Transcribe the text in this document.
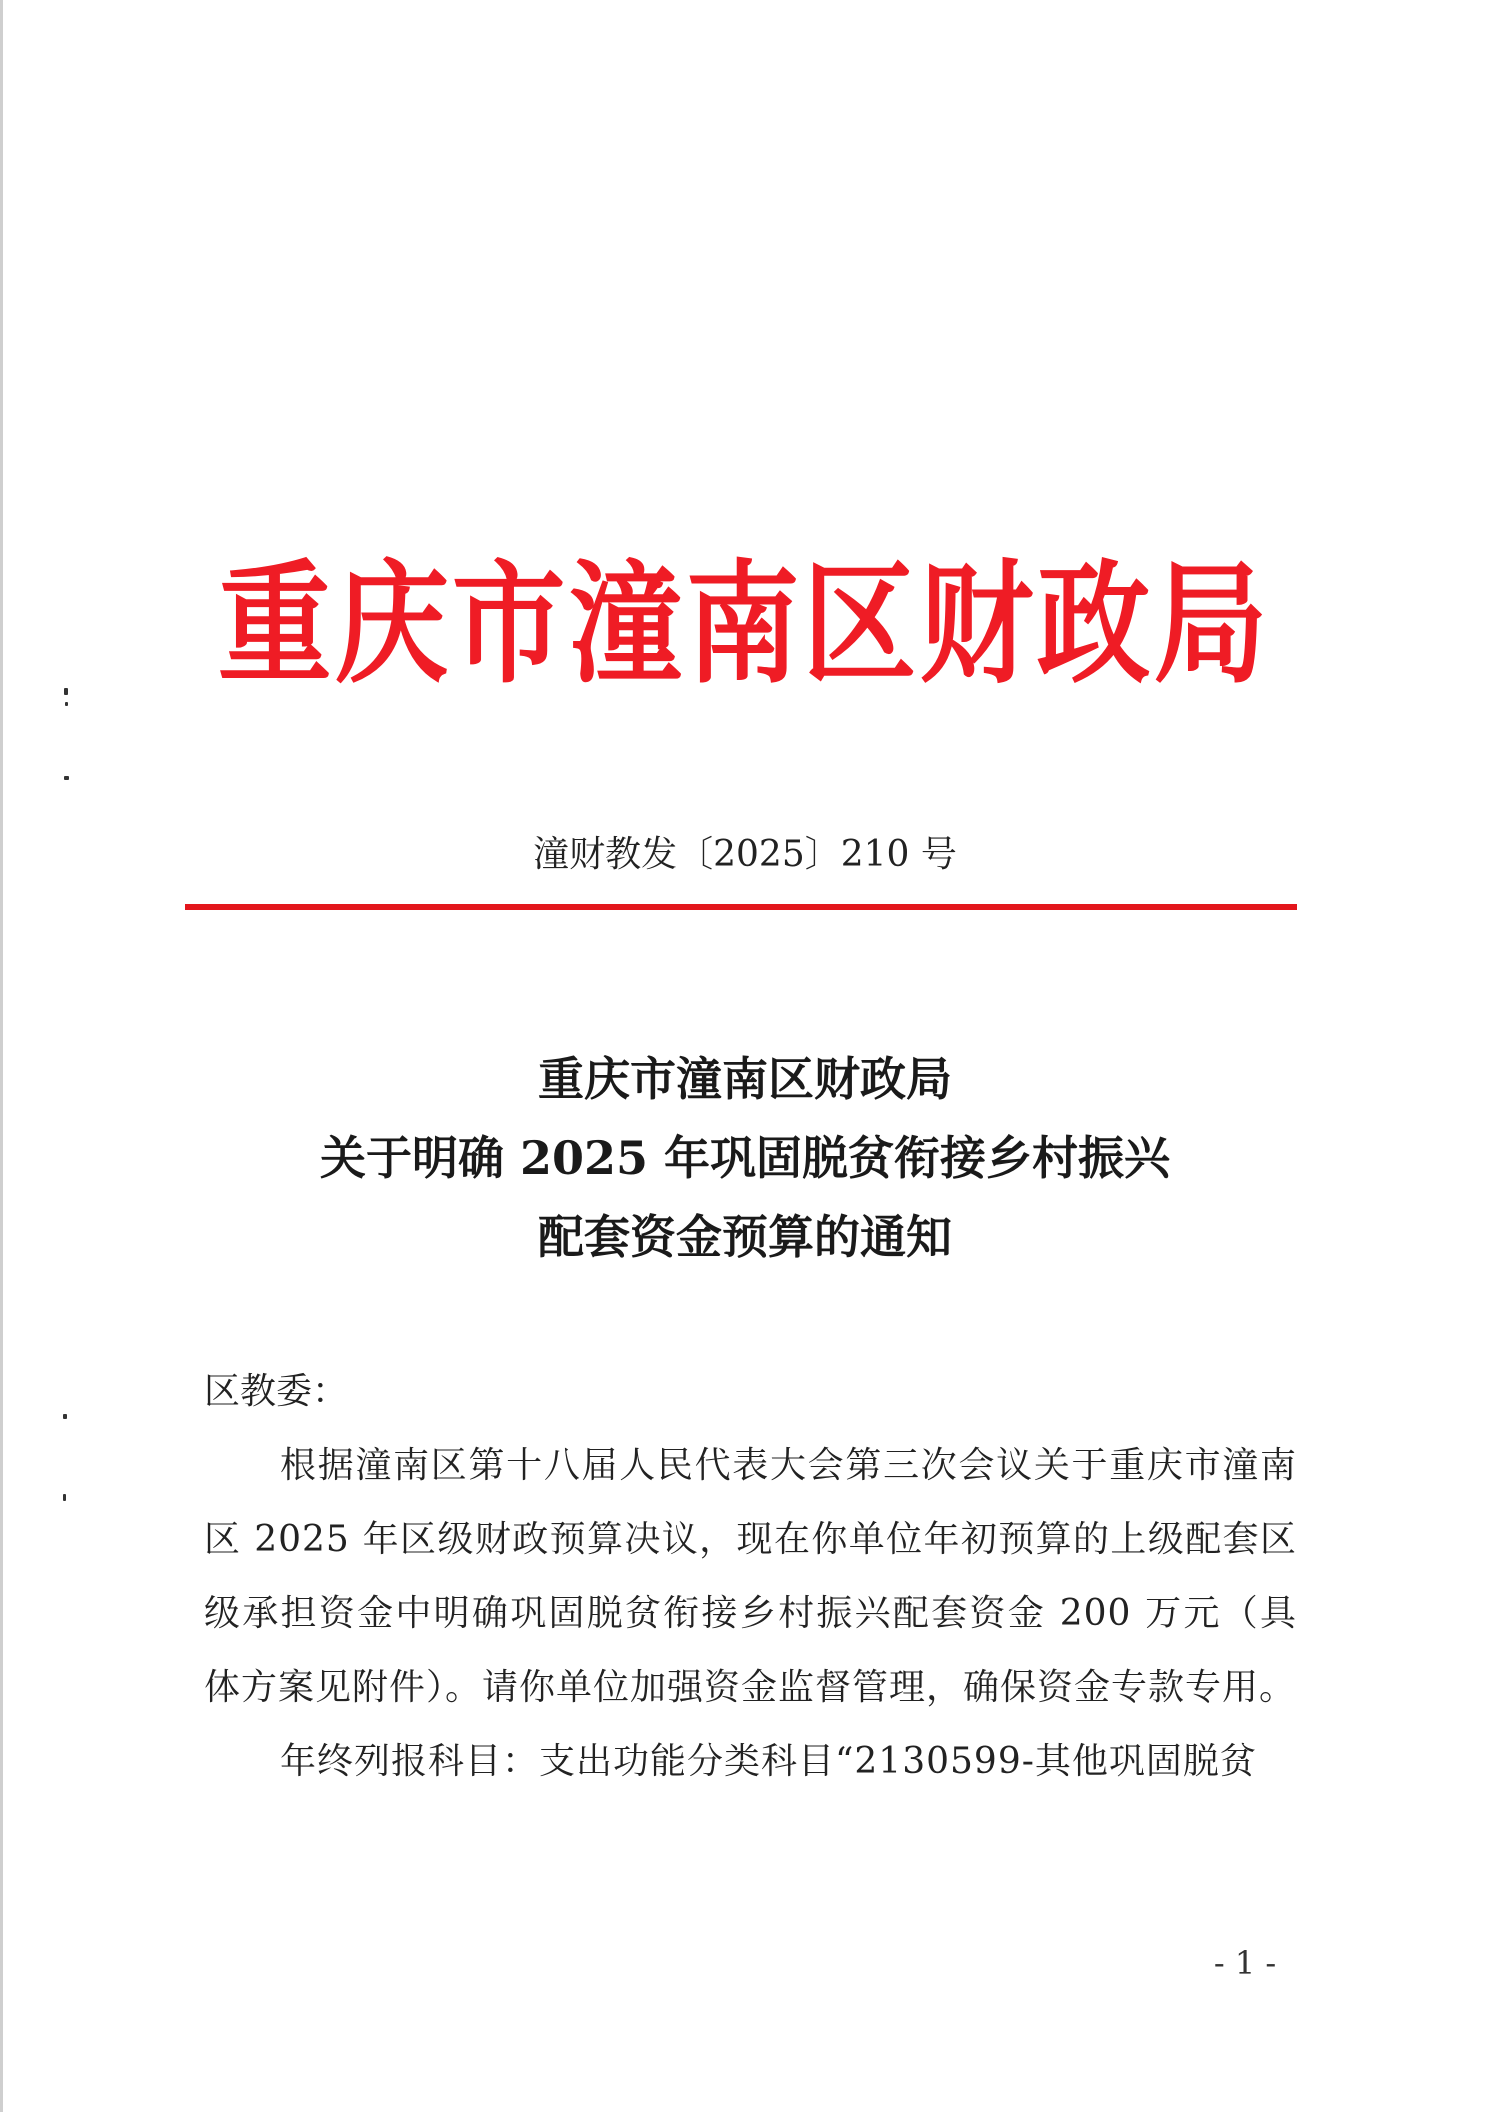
重庆市潼南区财政局
潼财教发〔2025〕210 号
重庆市潼南区财政局
关于明确 2025 年巩固脱贫衔接乡村振兴
配套资金预算的通知

区教委：

根据潼南区第十八届人民代表大会第三次会议关于重庆市潼南区 2025 年区级财政预算决议，现在你单位年初预算的上级配套区级承担资金中明确巩固脱贫衔接乡村振兴配套资金 200 万元（具体方案见附件）。请你单位加强资金监督管理，确保资金专款专用。

年终列报科目：支出功能分类科目“2130599-其他巩固脱贫

- 1 -
